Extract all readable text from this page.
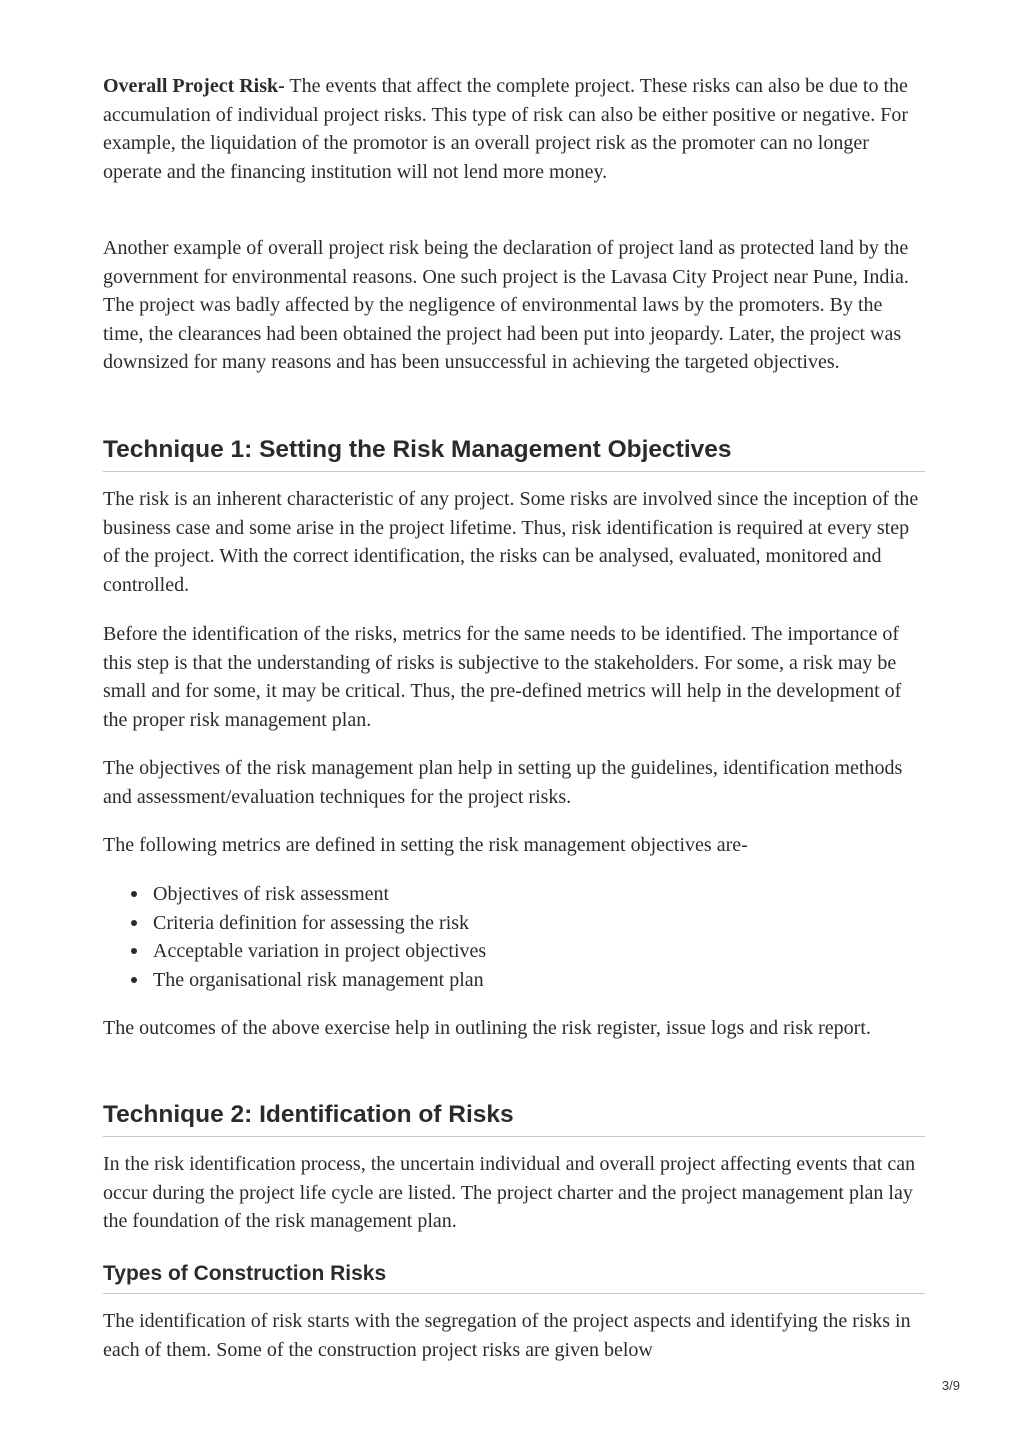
Overall Project Risk- The events that affect the complete project. These risks can also be due to the accumulation of individual project risks. This type of risk can also be either positive or negative. For example, the liquidation of the promotor is an overall project risk as the promoter can no longer operate and the financing institution will not lend more money.

Another example of overall project risk being the declaration of project land as protected land by the government for environmental reasons. One such project is the Lavasa City Project near Pune, India. The project was badly affected by the negligence of environmental laws by the promoters. By the time, the clearances had been obtained the project had been put into jeopardy. Later, the project was downsized for many reasons and has been unsuccessful in achieving the targeted objectives.

Technique 1: Setting the Risk Management Objectives

The risk is an inherent characteristic of any project. Some risks are involved since the inception of the business case and some arise in the project lifetime. Thus, risk identification is required at every step of the project. With the correct identification, the risks can be analysed, evaluated, monitored and controlled.

Before the identification of the risks, metrics for the same needs to be identified. The importance of this step is that the understanding of risks is subjective to the stakeholders. For some, a risk may be small and for some, it may be critical. Thus, the pre-defined metrics will help in the development of the proper risk management plan.

The objectives of the risk management plan help in setting up the guidelines, identification methods and assessment/evaluation techniques for the project risks.

The following metrics are defined in setting the risk management objectives are-

Objectives of risk assessment
Criteria definition for assessing the risk
Acceptable variation in project objectives
The organisational risk management plan

The outcomes of the above exercise help in outlining the risk register, issue logs and risk report.

Technique 2: Identification of Risks

In the risk identification process, the uncertain individual and overall project affecting events that can occur during the project life cycle are listed. The project charter and the project management plan lay the foundation of the risk management plan.

Types of Construction Risks

The identification of risk starts with the segregation of the project aspects and identifying the risks in each of them. Some of the construction project risks are given below

3/9
